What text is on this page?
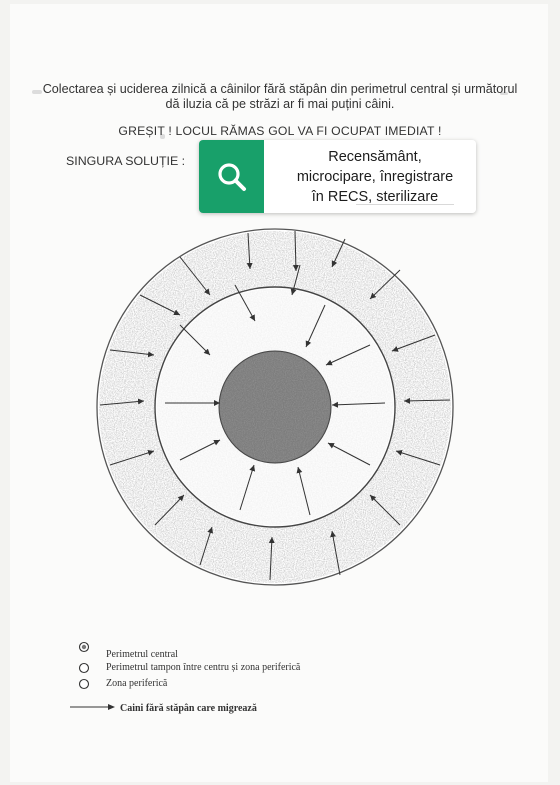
Colectarea și uciderea zilnică a câinilor fără stăpân din perimetrul central și următorul dă iluzia că pe străzi ar fi mai puțini câini.
GREȘIT ! LOCUL RĂMAS GOL VA FI OCUPAT IMEDIAT !
SINGURA SOLUȚIE :	Recensământ,
microcipare, înregistrare
în RECS, sterilizare
Perimetrul central
Perimetrul tampon între centru și zona periferică
Zona periferică
Caini fără stăpân care migrează
